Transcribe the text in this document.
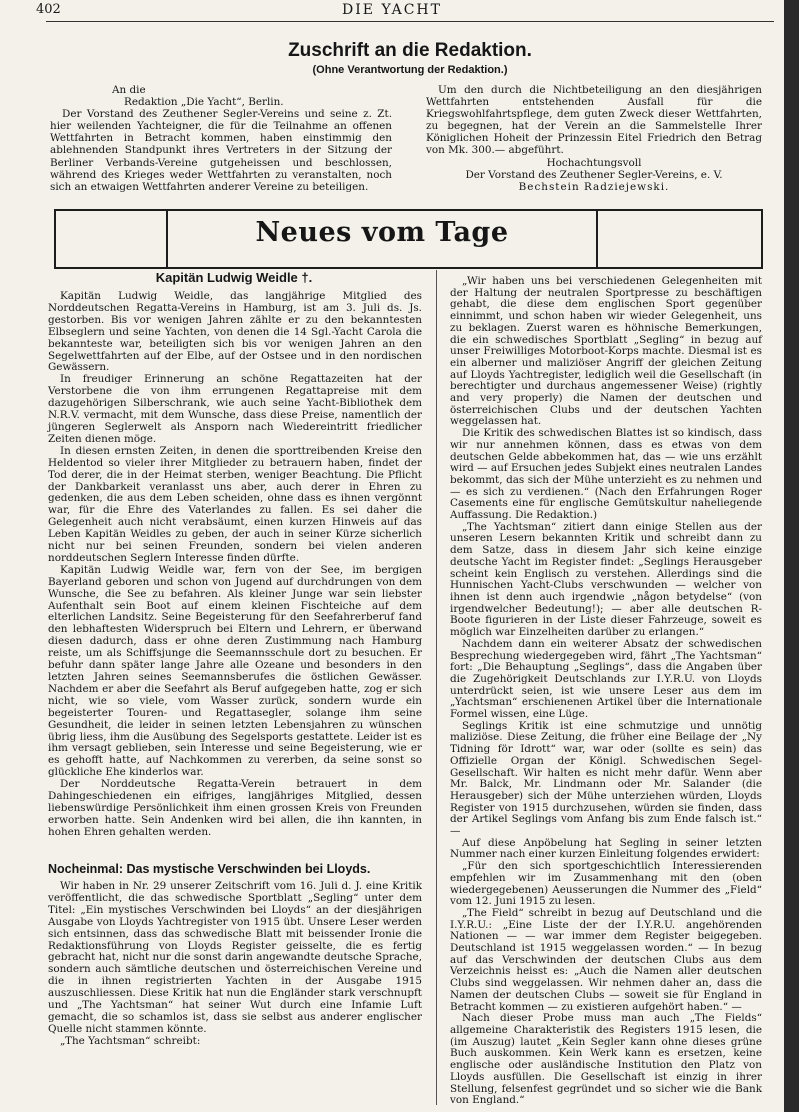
402	DIE YACHT
Zuschrift an die Redaktion.
(Ohne Verantwortung der Redaktion.)

An die

Redaktion „Die Yacht“, Berlin.

Der Vorstand des Zeuthener Segler-Vereins und seine z. Zt. hier weilenden Yachteigner, die für die Teilnahme an offenen Wettfahrten in Betracht kommen, haben einstimmig den ablehnenden Standpunkt ihres Vertreters in der Sitzung der Berliner Verbands-Vereine gutgeheissen und beschlossen, während des Krieges weder Wettfahrten zu veranstalten, noch sich an etwaigen Wettfahrten anderer Vereine zu beteiligen.

Um den durch die Nichtbeteiligung an den diesjährigen Wettfahrten entstehenden Ausfall für die Kriegswohlfahrtspflege, dem guten Zweck dieser Wettfahrten, zu begegnen, hat der Verein an die Sammelstelle Ihrer Königlichen Hoheit der Prinzessin Eitel Friedrich den Betrag von Mk. 300.— abgeführt.

Hochachtungsvoll

Der Vorstand des Zeuthener Segler-Vereins, e. V.

Bechstein Radziejewski.

Neues vom Tage
Kapitän Ludwig Weidle †.

Kapitän Ludwig Weidle, das langjährige Mitglied des Norddeutschen Regatta-Vereins in Hamburg, ist am 3. Juli ds. Js. gestorben. Bis vor wenigen Jahren zählte er zu den bekanntesten Elbseglern und seine Yachten, von denen die 14 Sgl.-Yacht Carola die bekannteste war, beteiligten sich bis vor wenigen Jahren an den Segelwettfahrten auf der Elbe, auf der Ostsee und in den nordischen Gewässern.

In freudiger Erinnerung an schöne Regattazeiten hat der Verstorbene die von ihm errungenen Regattapreise mit dem dazugehörigen Silberschrank, wie auch seine Yacht-Bibliothek dem N.R.V. vermacht, mit dem Wunsche, dass diese Preise, namentlich der jüngeren Seglerwelt als Ansporn nach Wiedereintritt friedlicher Zeiten dienen möge.

In diesen ernsten Zeiten, in denen die sporttreibenden Kreise den Heldentod so vieler ihrer Mitglieder zu betrauern haben, findet der Tod derer, die in der Heimat sterben, weniger Beachtung. Die Pflicht der Dankbarkeit veranlasst uns aber, auch derer in Ehren zu gedenken, die aus dem Leben scheiden, ohne dass es ihnen vergönnt war, für die Ehre des Vaterlandes zu fallen. Es sei daher die Gelegenheit auch nicht verabsäumt, einen kurzen Hinweis auf das Leben Kapitän Weidles zu geben, der auch in seiner Kürze sicherlich nicht nur bei seinen Freunden, sondern bei vielen anderen norddeutschen Seglern Interesse finden dürfte.

Kapitän Ludwig Weidle war, fern von der See, im bergigen Bayerland geboren und schon von Jugend auf durchdrungen von dem Wunsche, die See zu befahren. Als kleiner Junge war sein liebster Aufenthalt sein Boot auf einem kleinen Fischteiche auf dem elterlichen Landsitz. Seine Begeisterung für den Seefahrerberuf fand den lebhaftesten Widerspruch bei Eltern und Lehrern, er überwand diesen dadurch, dass er ohne deren Zustimmung nach Hamburg reiste, um als Schiffsjunge die Seemannsschule dort zu besuchen. Er befuhr dann später lange Jahre alle Ozeane und besonders in den letzten Jahren seines Seemannsberufes die östlichen Gewässer. Nachdem er aber die Seefahrt als Beruf aufgegeben hatte, zog er sich nicht, wie so viele, vom Wasser zurück, sondern wurde ein begeisterter Touren- und Regattasegler, solange ihm seine Gesundheit, die leider in seinen letzten Lebensjahren zu wünschen übrig liess, ihm die Ausübung des Segelsports gestattete. Leider ist es ihm versagt geblieben, sein Interesse und seine Begeisterung, wie er es gehofft hatte, auf Nachkommen zu vererben, da seine sonst so glückliche Ehe kinderlos war.

Der Norddeutsche Regatta-Verein betrauert in dem Dahingeschiedenen ein eifriges, langjähriges Mitglied, dessen liebenswürdige Persönlichkeit ihm einen grossen Kreis von Freunden erworben hatte. Sein Andenken wird bei allen, die ihn kannten, in hohen Ehren gehalten werden.

Nocheinmal: Das mystische Verschwinden bei Lloyds.

Wir haben in Nr. 29 unserer Zeitschrift vom 16. Juli d. J. eine Kritik veröffentlicht, die das schwedische Sportblatt „Segling“ unter dem Titel: „Ein mystisches Verschwinden bei Lloyds“ an der diesjährigen Ausgabe von Lloyds Yachtregister von 1915 übt. Unsere Leser werden sich entsinnen, dass das schwedische Blatt mit beissender Ironie die Redaktionsführung von Lloyds Register geisselte, die es fertig gebracht hat, nicht nur die sonst darin angewandte deutsche Sprache, sondern auch sämtliche deutschen und österreichischen Vereine und die in ihnen registrierten Yachten in der Ausgabe 1915 auszuschliessen. Diese Kritik hat nun die Engländer stark verschnupft und „The Yachtsman“ hat seiner Wut durch eine Infamie Luft gemacht, die so schamlos ist, dass sie selbst aus anderer englischer Quelle nicht stammen könnte.

„The Yachtsman“ schreibt:

„Wir haben uns bei verschiedenen Gelegenheiten mit der Haltung der neutralen Sportpresse zu beschäftigen gehabt, die diese dem englischen Sport gegenüber einnimmt, und schon haben wir wieder Gelegenheit, uns zu beklagen. Zuerst waren es höhnische Bemerkungen, die ein schwedisches Sportblatt „Segling“ in bezug auf unser Freiwilliges Motorboot-Korps machte. Diesmal ist es ein alberner und maliziöser Angriff der gleichen Zeitung auf Lloyds Yachtregister, lediglich weil die Gesellschaft (in berechtigter und durchaus angemessener Weise) (rightly and very properly) die Namen der deutschen und österreichischen Clubs und der deutschen Yachten weggelassen hat.

Die Kritik des schwedischen Blattes ist so kindisch, dass wir nur annehmen können, dass es etwas von dem deutschen Gelde abbekommen hat, das — wie uns erzählt wird — auf Ersuchen jedes Subjekt eines neutralen Landes bekommt, das sich der Mühe unterzieht es zu nehmen und — es sich zu verdienen.“ (Nach den Erfahrungen Roger Casements eine für englische Gemütskultur naheliegende Auffassung. Die Redaktion.)

„The Yachtsman“ zitiert dann einige Stellen aus der unseren Lesern bekannten Kritik und schreibt dann zu dem Satze, dass in diesem Jahr sich keine einzige deutsche Yacht im Register findet: „Seglings Herausgeber scheint kein Englisch zu verstehen. Allerdings sind die Hunnischen Yacht-Clubs verschwunden — welcher von ihnen ist denn auch irgendwie „någon betydelse“ (von irgendwelcher Bedeutung!); — aber alle deutschen R-Boote figurieren in der Liste dieser Fahrzeuge, soweit es möglich war Einzelheiten darüber zu erlangen.“

Nachdem dann ein weiterer Absatz der schwedischen Besprechung wiedergegeben wird, fährt „The Yachtsman“ fort: „Die Behauptung „Seglings“, dass die Angaben über die Zugehörigkeit Deutschlands zur I.Y.R.U. von Lloyds unterdrückt seien, ist wie unsere Leser aus dem im „Yachtsman“ erschienenen Artikel über die Internationale Formel wissen, eine Lüge.

Seglings Kritik ist eine schmutzige und unnötig maliziöse. Diese Zeitung, die früher eine Beilage der „Ny Tidning för Idrott“ war, war oder (sollte es sein) das Offizielle Organ der Königl. Schwedischen Segel-Gesellschaft. Wir halten es nicht mehr dafür. Wenn aber Mr. Balck, Mr. Lindmann oder Mr. Salander (die Herausgeber) sich der Mühe unterziehen würden, Lloyds Register von 1915 durchzusehen, würden sie finden, dass der Artikel Seglings vom Anfang bis zum Ende falsch ist.“ —

Auf diese Anpöbelung hat Segling in seiner letzten Nummer nach einer kurzen Einleitung folgendes erwidert:

„Für den sich sportgeschichtlich Interessierenden empfehlen wir im Zusammenhang mit den (oben wiedergegebenen) Aeusserungen die Nummer des „Field“ vom 12. Juni 1915 zu lesen.

„The Field“ schreibt in bezug auf Deutschland und die I.Y.R.U.: „Eine Liste der der I.Y.R.U. angehörenden Nationen — — war immer dem Register beigegeben. Deutschland ist 1915 weggelassen worden.“ — In bezug auf das Verschwinden der deutschen Clubs aus dem Verzeichnis heisst es: „Auch die Namen aller deutschen Clubs sind weggelassen. Wir nehmen daher an, dass die Namen der deutschen Clubs — soweit sie für England in Betracht kommen — zu existieren aufgehört haben.“ —

Nach dieser Probe muss man auch „The Fields“ allgemeine Charakteristik des Registers 1915 lesen, die (im Auszug) lautet „Kein Segler kann ohne dieses grüne Buch auskommen. Kein Werk kann es ersetzen, keine englische oder ausländische Institution den Platz von Lloyds ausfüllen. Die Gesellschaft ist einzig in ihrer Stellung, felsenfest gegründet und so sicher wie die Bank von England.“
